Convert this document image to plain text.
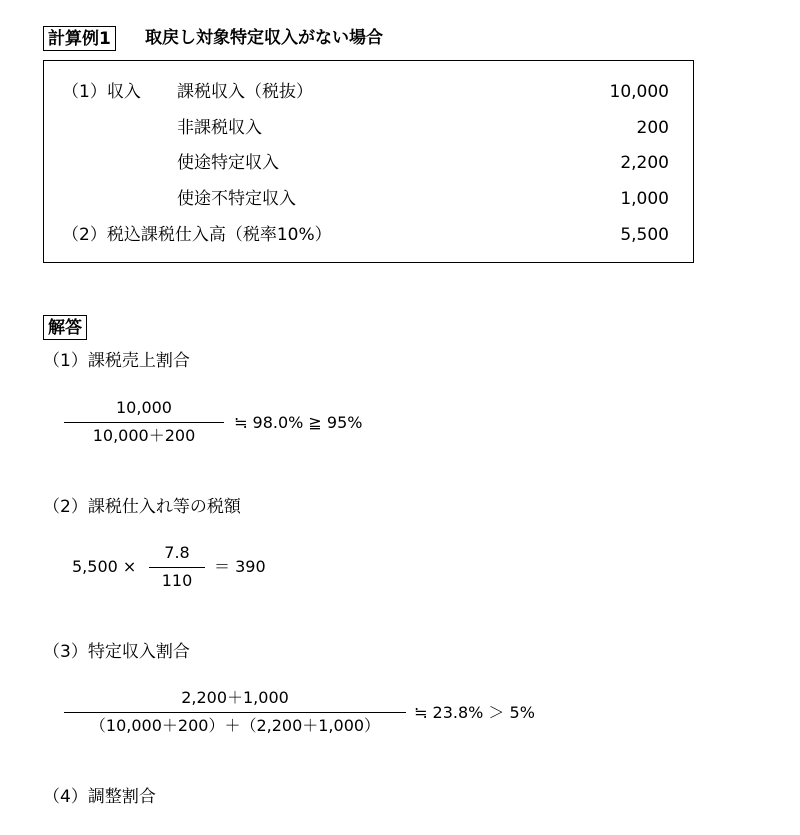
計算例1 取戻し対象特定収入がない場合
（1）収入 課税収入（税抜）	10,000
非課税収入	200
使途特定収入	2,200
使途不特定収入	1,000
（2）税込課税仕入高（税率10%）	5,500
解答
（1）課税売上割合
10,000
10,000＋200
≒ 98.0% ≧ 95%
（2）課税仕入れ等の税額
5,500 ×
7.8
110
＝ 390
（3）特定収入割合
2,200＋1,000
（10,000＋200）＋（2,200＋1,000）
≒ 23.8% ＞ 5%
（4）調整割合
